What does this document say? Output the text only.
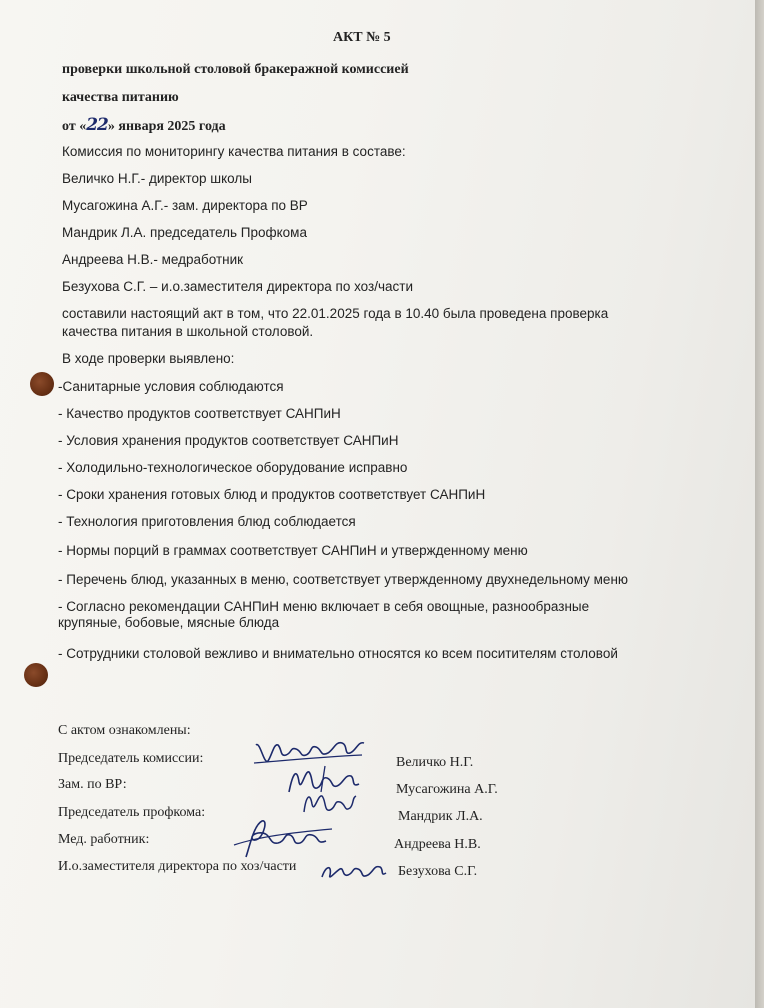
АКТ № 5
проверки школьной столовой бракеражной комиссией
качества питанию
от «22» января 2025 года
Комиссия по мониторингу качества питания в составе:
Величко Н.Г.- директор школы
Мусагожина А.Г.- зам. директора по ВР
Мандрик Л.А. председатель Профкома
Андреева Н.В.- медработник
Безухова С.Г. – и.о.заместителя директора по хоз/части
составили настоящий акт в том, что 22.01.2025 года в 10.40 была проведена проверка
качества питания в школьной столовой.
В ходе проверки выявлено:
-Санитарные условия соблюдаются
- Качество продуктов соответствует САНПиН
- Условия хранения продуктов соответствует САНПиН
- Холодильно-технологическое оборудование исправно
- Сроки хранения готовых блюд и продуктов соответствует САНПиН
- Технология приготовления блюд соблюдается
- Нормы порций в граммах соответствует САНПиН и утвержденному меню
- Перечень блюд, указанных в меню, соответствует утвержденному двухнедельному меню
- Согласно рекомендации САНПиН меню включает в себя овощные, разнообразные
крупяные, бобовые, мясные блюда
- Сотрудники столовой вежливо и внимательно относятся ко всем поситителям столовой
С актом ознакомлены:
Председатель комиссии:	Величко Н.Г.
Зам. по ВР:	Мусагожина А.Г.
Председатель профкома:	Мандрик Л.А.
Мед. работник:	Андреева Н.В.
И.о.заместителя директора по хоз/части	Безухова С.Г.
